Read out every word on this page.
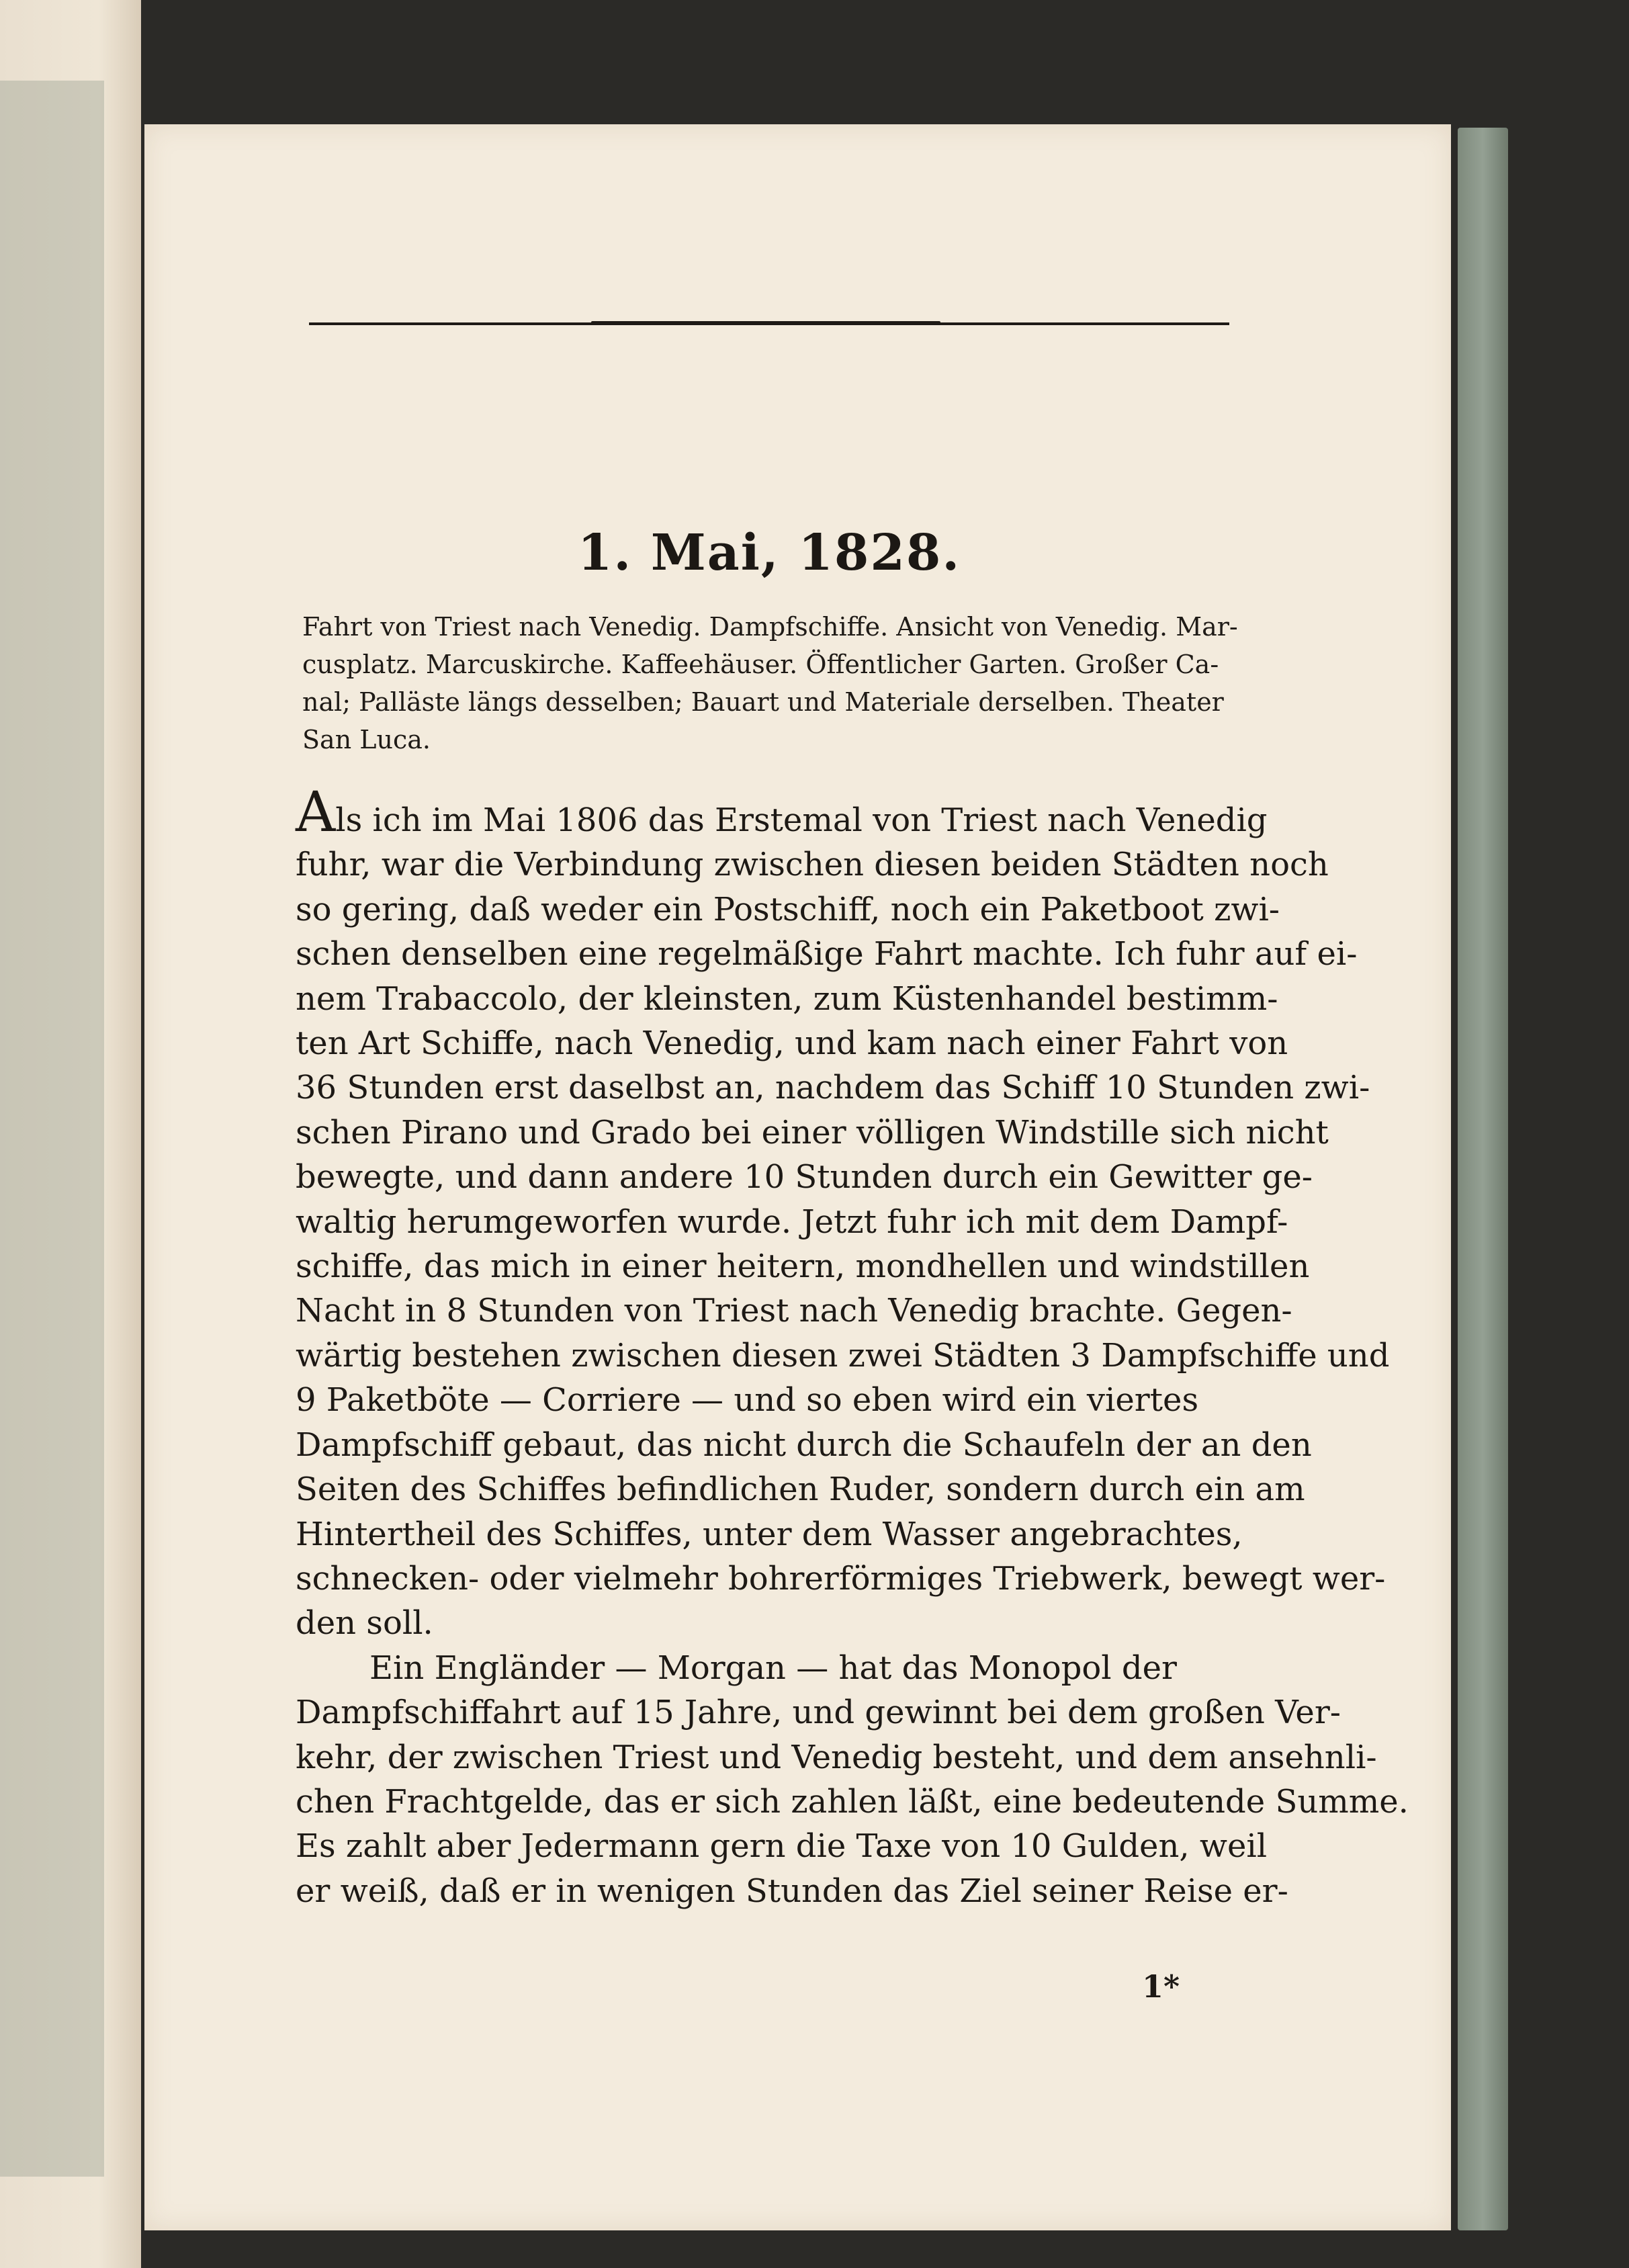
1. Mai, 1828.
Fahrt von Triest nach Venedig. Dampfschiffe. Ansicht von Venedig. Mar-
cusplatz. Marcuskirche. Kaffeehäuser. Öffentlicher Garten. Großer Ca-
nal; Palläste längs desselben; Bauart und Materiale derselben. Theater
San Luca.
Als ich im Mai 1806 das Erstemal von Triest nach Venedig
fuhr, war die Verbindung zwischen diesen beiden Städten noch
so gering, daß weder ein Postschiff, noch ein Paketboot zwi-
schen denselben eine regelmäßige Fahrt machte. Ich fuhr auf ei-
nem Trabaccolo, der kleinsten, zum Küstenhandel bestimm-
ten Art Schiffe, nach Venedig, und kam nach einer Fahrt von
36 Stunden erst daselbst an, nachdem das Schiff 10 Stunden zwi-
schen Pirano und Grado bei einer völligen Windstille sich nicht
bewegte, und dann andere 10 Stunden durch ein Gewitter ge-
waltig herumgeworfen wurde. Jetzt fuhr ich mit dem Dampf-
schiffe, das mich in einer heitern, mondhellen und windstillen
Nacht in 8 Stunden von Triest nach Venedig brachte. Gegen-
wärtig bestehen zwischen diesen zwei Städten 3 Dampfschiffe und
9 Paketböte — Corriere — und so eben wird ein viertes
Dampfschiff gebaut, das nicht durch die Schaufeln der an den
Seiten des Schiffes befindlichen Ruder, sondern durch ein am
Hintertheil des Schiffes, unter dem Wasser angebrachtes,
schnecken- oder vielmehr bohrerförmiges Triebwerk, bewegt wer-
den soll.
Ein Engländer — Morgan — hat das Monopol der
Dampfschiffahrt auf 15 Jahre, und gewinnt bei dem großen Ver-
kehr, der zwischen Triest und Venedig besteht, und dem ansehnli-
chen Frachtgelde, das er sich zahlen läßt, eine bedeutende Summe.
Es zahlt aber Jedermann gern die Taxe von 10 Gulden, weil
er weiß, daß er in wenigen Stunden das Ziel seiner Reise er-
1*
